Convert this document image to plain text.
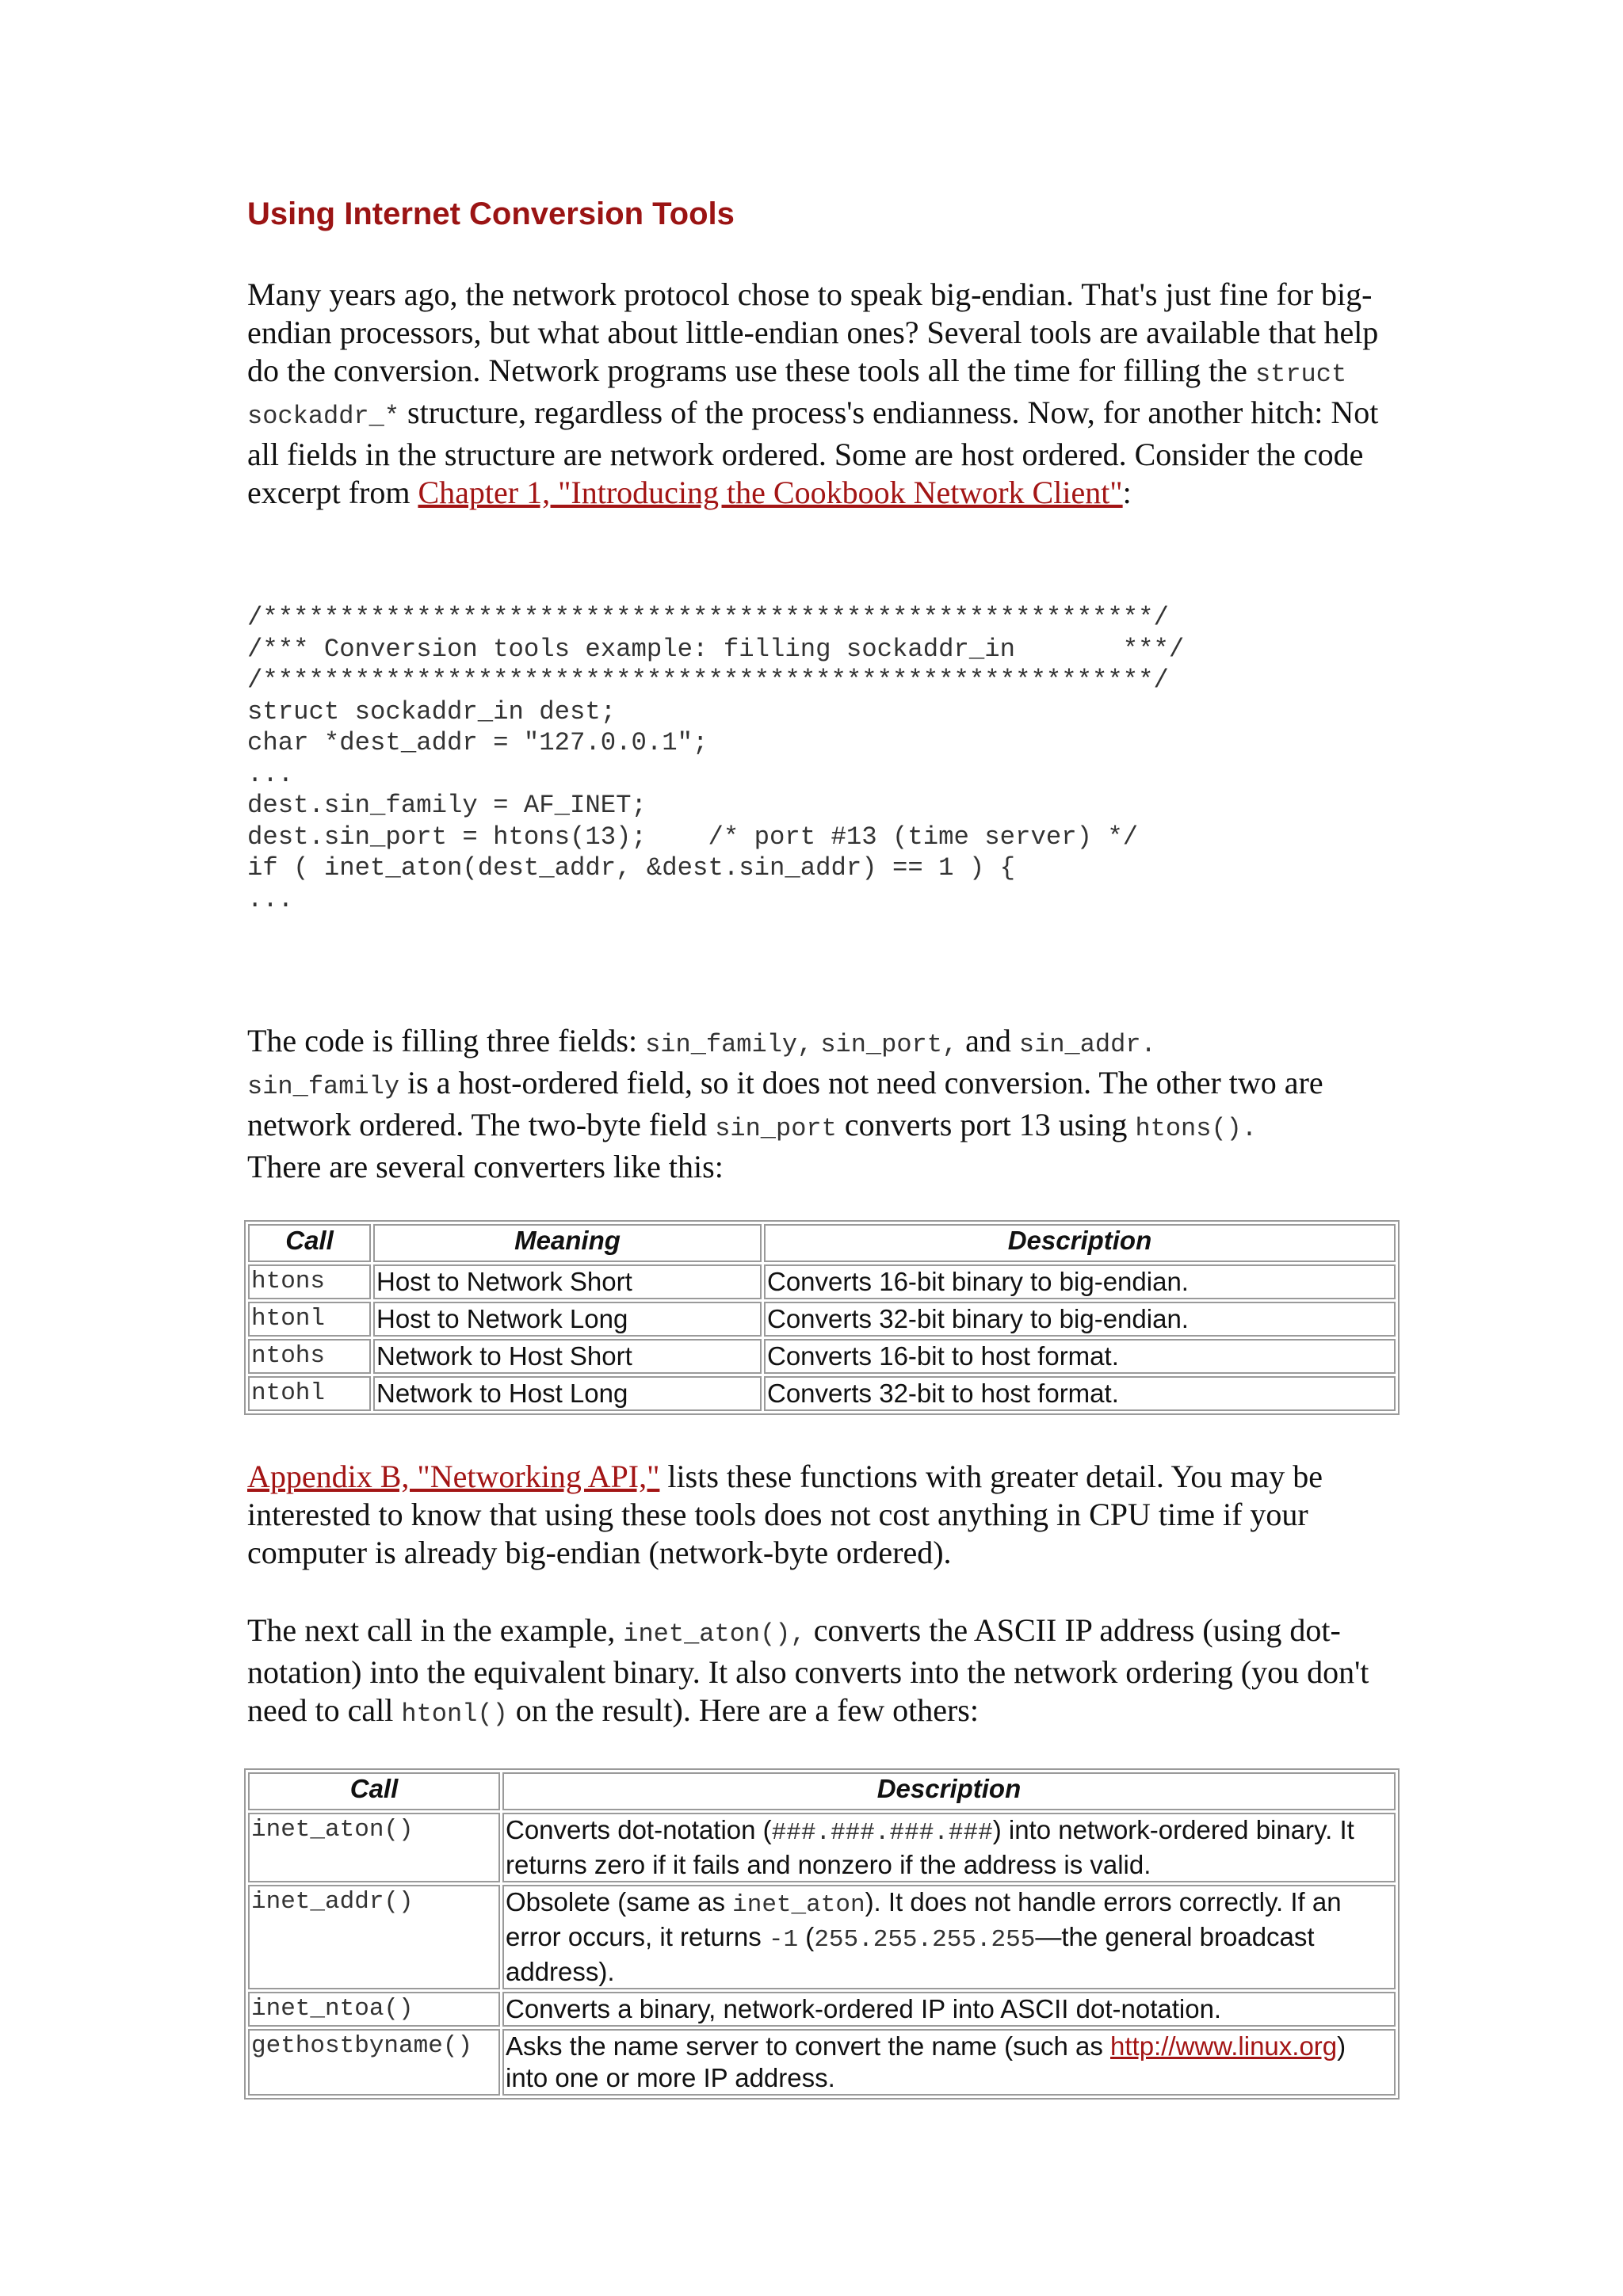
Using Internet Conversion Tools

Many years ago, the network protocol chose to speak big-endian. That's just fine for big-endian processors, but what about little-endian ones? Several tools are available that help do the conversion. Network programs use these tools all the time for filling the struct sockaddr_* structure, regardless of the process's endianness. Now, for another hitch: Not all fields in the structure are network ordered. Some are host ordered. Consider the code excerpt from Chapter 1, "Introducing the Cookbook Network Client":

/**********************************************************/
/*** Conversion tools example: filling sockaddr_in       ***/
/**********************************************************/
struct sockaddr_in dest;
char *dest_addr = "127.0.0.1";
...
dest.sin_family = AF_INET;
dest.sin_port = htons(13);    /* port #13 (time server) */
if ( inet_aton(dest_addr, &dest.sin_addr) == 1 ) {
...

The code is filling three fields: sin_family, sin_port, and sin_addr.
sin_family is a host-ordered field, so it does not need conversion. The other two are network ordered. The two-byte field sin_port converts port 13 using htons().
There are several converters like this:

Call	Meaning	Description
htons	Host to Network Short	Converts 16-bit binary to big-endian.
htonl	Host to Network Long	Converts 32-bit binary to big-endian.
ntohs	Network to Host Short	Converts 16-bit to host format.
ntohl	Network to Host Long	Converts 32-bit to host format.

Appendix B, "Networking API," lists these functions with greater detail. You may be interested to know that using these tools does not cost anything in CPU time if your computer is already big-endian (network-byte ordered).

The next call in the example, inet_aton(), converts the ASCII IP address (using dot-notation) into the equivalent binary. It also converts into the network ordering (you don't need to call htonl() on the result). Here are a few others:

Call	Description
inet_aton()	Converts dot-notation (###.###.###.###) into network-ordered binary. It returns zero if it fails and nonzero if the address is valid.
inet_addr()	Obsolete (same as inet_aton). It does not handle errors correctly. If an error occurs, it returns -1 (255.255.255.255—the general broadcast address).
inet_ntoa()	Converts a binary, network-ordered IP into ASCII dot-notation.
gethostbyname()	Asks the name server to convert the name (such as http://www.linux.org) into one or more IP address.
